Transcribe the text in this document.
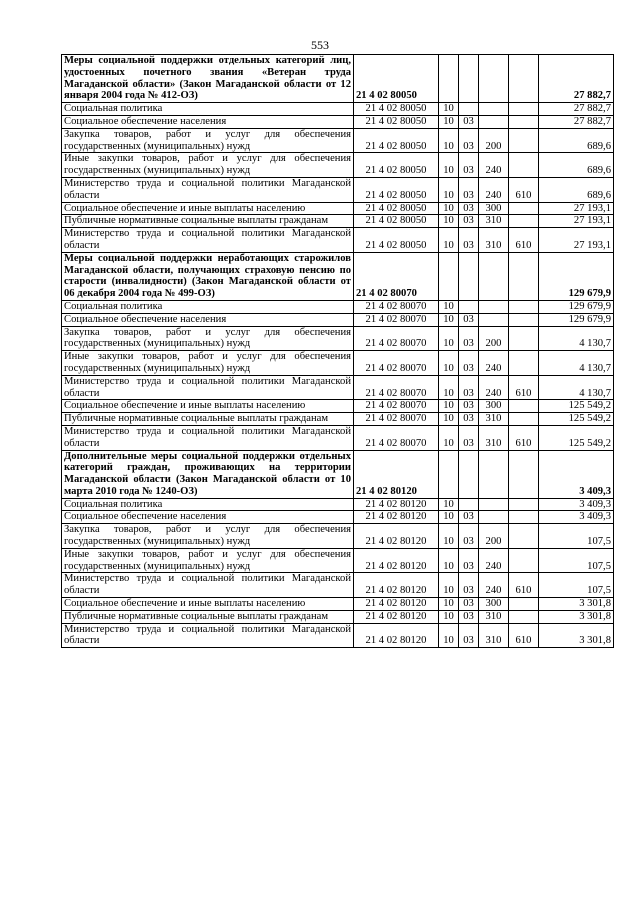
553
Меры социальной поддержки отдельных категорий лиц, удостоенных почетного звания «Ветеран труда Магаданской области» (Закон Магаданской области от 12 января 2004 года № 412-ОЗ)	21 4 02 80050					27 882,7
Социальная политика	21 4 02 80050	10				27 882,7
Социальное обеспечение населения	21 4 02 80050	10	03			27 882,7
Закупка товаров, работ и услуг для обеспечения государственных (муниципальных) нужд	21 4 02 80050	10	03	200		689,6
Иные закупки товаров, работ и услуг для обеспечения государственных (муниципальных) нужд	21 4 02 80050	10	03	240		689,6
Министерство труда и социальной политики Магаданской области	21 4 02 80050	10	03	240	610	689,6
Социальное обеспечение и иные выплаты населению	21 4 02 80050	10	03	300		27 193,1
Публичные нормативные социальные выплаты гражданам	21 4 02 80050	10	03	310		27 193,1
Министерство труда и социальной политики Магаданской области	21 4 02 80050	10	03	310	610	27 193,1
Меры социальной поддержки неработающих старожилов Магаданской области, получающих страховую пенсию по старости (инвалидности) (Закон Магаданской области от 06 декабря 2004 года № 499-ОЗ)	21 4 02 80070					129 679,9
Социальная политика	21 4 02 80070	10				129 679,9
Социальное обеспечение населения	21 4 02 80070	10	03			129 679,9
Закупка товаров, работ и услуг для обеспечения государственных (муниципальных) нужд	21 4 02 80070	10	03	200		4 130,7
Иные закупки товаров, работ и услуг для обеспечения государственных (муниципальных) нужд	21 4 02 80070	10	03	240		4 130,7
Министерство труда и социальной политики Магаданской области	21 4 02 80070	10	03	240	610	4 130,7
Социальное обеспечение и иные выплаты населению	21 4 02 80070	10	03	300		125 549,2
Публичные нормативные социальные выплаты гражданам	21 4 02 80070	10	03	310		125 549,2
Министерство труда и социальной политики Магаданской области	21 4 02 80070	10	03	310	610	125 549,2
Дополнительные меры социальной поддержки отдельных категорий граждан, проживающих на территории Магаданской области (Закон Магаданской области от 10 марта 2010 года № 1240-ОЗ)	21 4 02 80120					3 409,3
Социальная политика	21 4 02 80120	10				3 409,3
Социальное обеспечение населения	21 4 02 80120	10	03			3 409,3
Закупка товаров, работ и услуг для обеспечения государственных (муниципальных) нужд	21 4 02 80120	10	03	200		107,5
Иные закупки товаров, работ и услуг для обеспечения государственных (муниципальных) нужд	21 4 02 80120	10	03	240		107,5
Министерство труда и социальной политики Магаданской области	21 4 02 80120	10	03	240	610	107,5
Социальное обеспечение и иные выплаты населению	21 4 02 80120	10	03	300		3 301,8
Публичные нормативные социальные выплаты гражданам	21 4 02 80120	10	03	310		3 301,8
Министерство труда и социальной политики Магаданской области	21 4 02 80120	10	03	310	610	3 301,8
